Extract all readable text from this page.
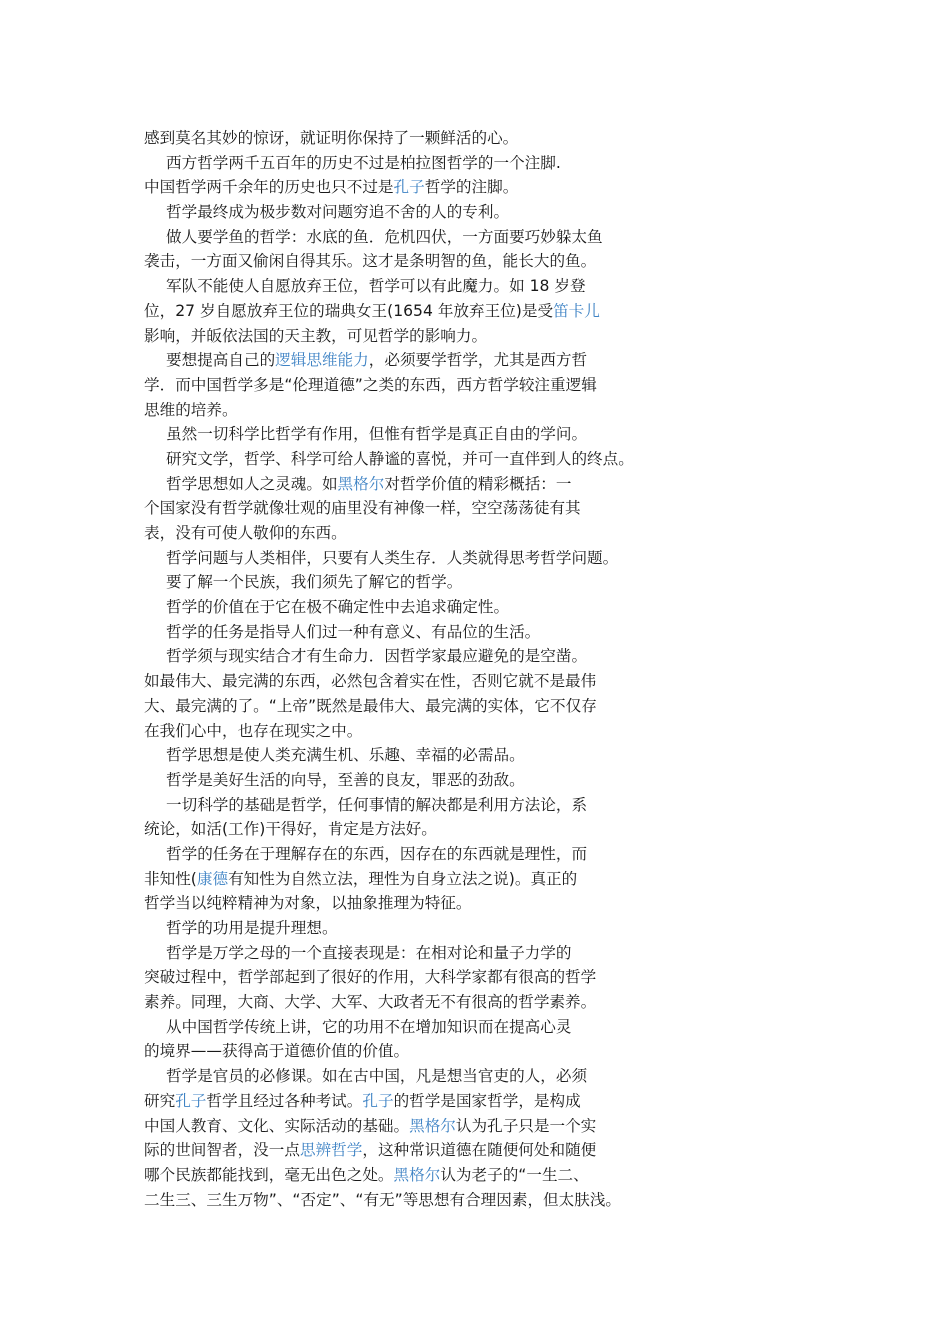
感到莫名其妙的惊讶，就证明你保持了一颗鲜活的心。
西方哲学两千五百年的历史不过是柏拉图哲学的一个注脚.
中国哲学两千余年的历史也只不过是孔子哲学的注脚。
哲学最终成为极步数对问题穷追不舍的人的专利。
做人要学鱼的哲学：水底的鱼．危机四伏，一方面要巧妙躲太鱼
袭击，一方面又偷闲自得其乐。这才是条明智的鱼，能长大的鱼。
军队不能使人自愿放弃王位，哲学可以有此魔力。如 18 岁登
位，27 岁自愿放弃王位的瑞典女王(1654 年放弃王位)是受笛卡儿
影响，并皈依法国的天主教，可见哲学的影响力。
要想提高自己的逻辑思维能力，必须要学哲学，尤其是西方哲
学．而中国哲学多是“伦理道德”之类的东西，西方哲学较注重逻辑
思维的培养。
虽然一切科学比哲学有作用，但惟有哲学是真正自由的学问。
研究文学，哲学、科学可给人静谧的喜悦，并可一直伴到人的终点。
哲学思想如人之灵魂。如黑格尔对哲学价值的精彩概括：一
个国家没有哲学就像壮观的庙里没有神像一样，空空荡荡徒有其
表，没有可使人敬仰的东西。
哲学问题与人类相伴，只要有人类生存．人类就得思考哲学问题。
要了解一个民族，我们须先了解它的哲学。
哲学的价值在于它在极不确定性中去追求确定性。
哲学的任务是指导人们过一种有意义、有品位的生活。
哲学须与现实结合才有生命力．因哲学家最应避免的是空凿。
如最伟大、最完满的东西，必然包含着实在性，否则它就不是最伟
大、最完满的了。“上帝”既然是最伟大、最完满的实体，它不仅存
在我们心中，也存在现实之中。
哲学思想是使人类充满生机、乐趣、幸福的必需品。
哲学是美好生活的向导，至善的良友，罪恶的劲敌。
一切科学的基础是哲学，任何事情的解决都是利用方法论，系
统论，如活(工作)干得好，肯定是方法好。
哲学的任务在于理解存在的东西，因存在的东西就是理性，而
非知性(康德有知性为自然立法，理性为自身立法之说)。真正的
哲学当以纯粹精神为对象，以抽象推理为特征。
哲学的功用是提升理想。
哲学是万学之母的一个直接表现是：在相对论和量子力学的
突破过程中，哲学部起到了很好的作用，大科学家都有很高的哲学
素养。同理，大商、大学、大军、大政者无不有很高的哲学素养。
从中国哲学传统上讲，它的功用不在增加知识而在提高心灵
的境界——获得高于道德价值的价值。
哲学是官员的必修课。如在古中国，凡是想当官吏的人，必须
研究孔子哲学且经过各种考试。孔子的哲学是国家哲学，是构成
中国人教育、文化、实际活动的基础。黑格尔认为孔子只是一个实
际的世间智者，没一点思辨哲学，这种常识道德在随便何处和随便
哪个民族都能找到，毫无出色之处。黑格尔认为老子的“一生二、
二生三、三生万物”、“否定”、“有无”等思想有合理因素，但太肤浅。
